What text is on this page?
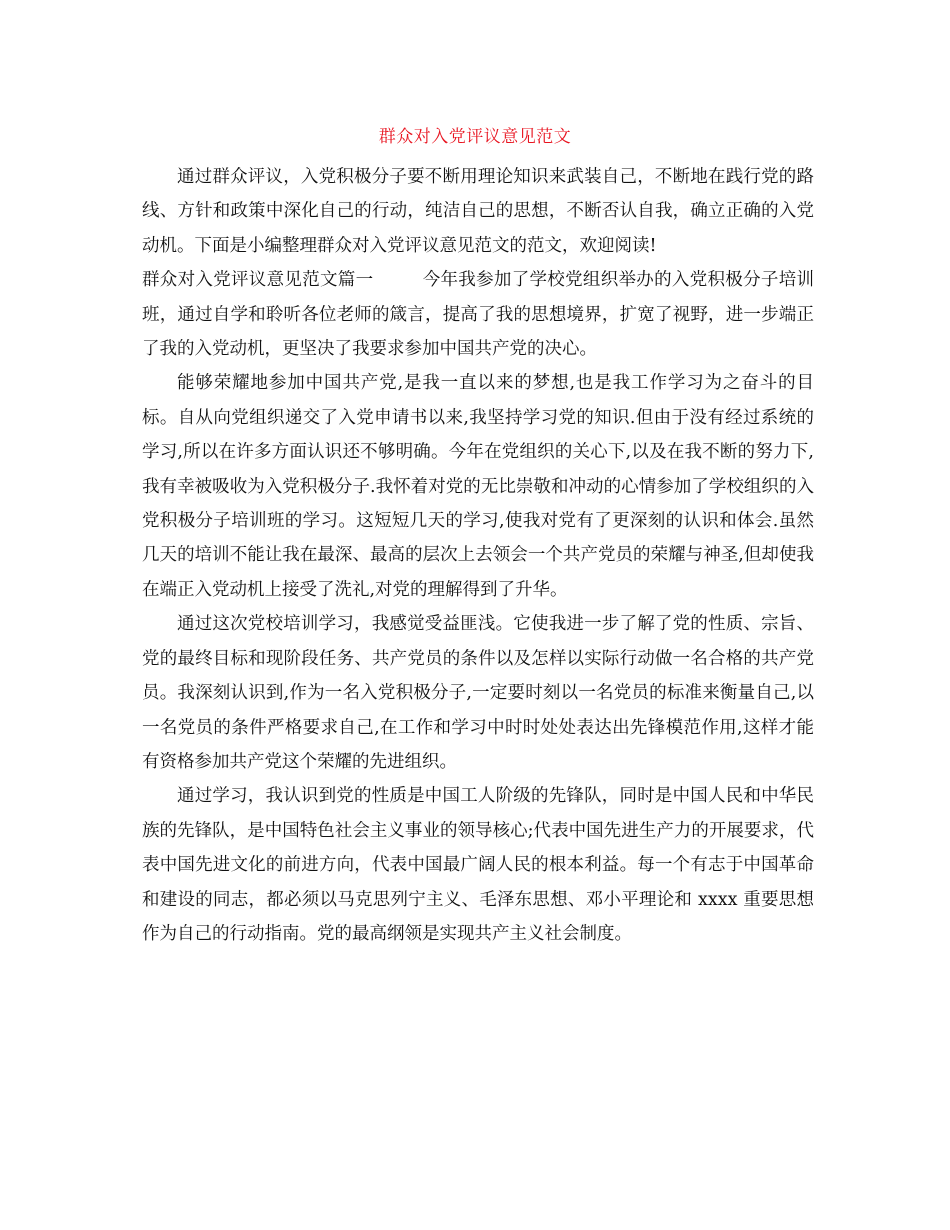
群众对入党评议意见范文

通过群众评议，入党积极分子要不断用理论知识来武装自己，不断地在践行党的路线、方针和政策中深化自己的行动，纯洁自己的思想，不断否认自我，确立正确的入党动机。下面是小编整理群众对入党评议意见范文的范文，欢迎阅读!

群众对入党评议意见范文篇一	今年我参加了学校党组织举办的入党积极分子培训班，通过自学和聆听各位老师的箴言，提高了我的思想境界，扩宽了视野，进一步端正了我的入党动机，更坚决了我要求参加中国共产党的决心。

能够荣耀地参加中国共产党,是我一直以来的梦想,也是我工作学习为之奋斗的目标。自从向党组织递交了入党申请书以来,我坚持学习党的知识.但由于没有经过系统的学习,所以在许多方面认识还不够明确。今年在党组织的关心下,以及在我不断的努力下,我有幸被吸收为入党积极分子.我怀着对党的无比崇敬和冲动的心情参加了学校组织的入党积极分子培训班的学习。这短短几天的学习,使我对党有了更深刻的认识和体会.虽然几天的培训不能让我在最深、最高的层次上去领会一个共产党员的荣耀与神圣,但却使我在端正入党动机上接受了洗礼,对党的理解得到了升华。

通过这次党校培训学习，我感觉受益匪浅。它使我进一步了解了党的性质、宗旨、党的最终目标和现阶段任务、共产党员的条件以及怎样以实际行动做一名合格的共产党员。我深刻认识到,作为一名入党积极分子,一定要时刻以一名党员的标准来衡量自己,以一名党员的条件严格要求自己,在工作和学习中时时处处表达出先锋模范作用,这样才能有资格参加共产党这个荣耀的先进组织。

通过学习，我认识到党的性质是中国工人阶级的先锋队，同时是中国人民和中华民族的先锋队，是中国特色社会主义事业的领导核心;代表中国先进生产力的开展要求，代表中国先进文化的前进方向，代表中国最广阔人民的根本利益。每一个有志于中国革命和建设的同志，都必须以马克思列宁主义、毛泽东思想、邓小平理论和 xxxx 重要思想作为自己的行动指南。党的最高纲领是实现共产主义社会制度。
